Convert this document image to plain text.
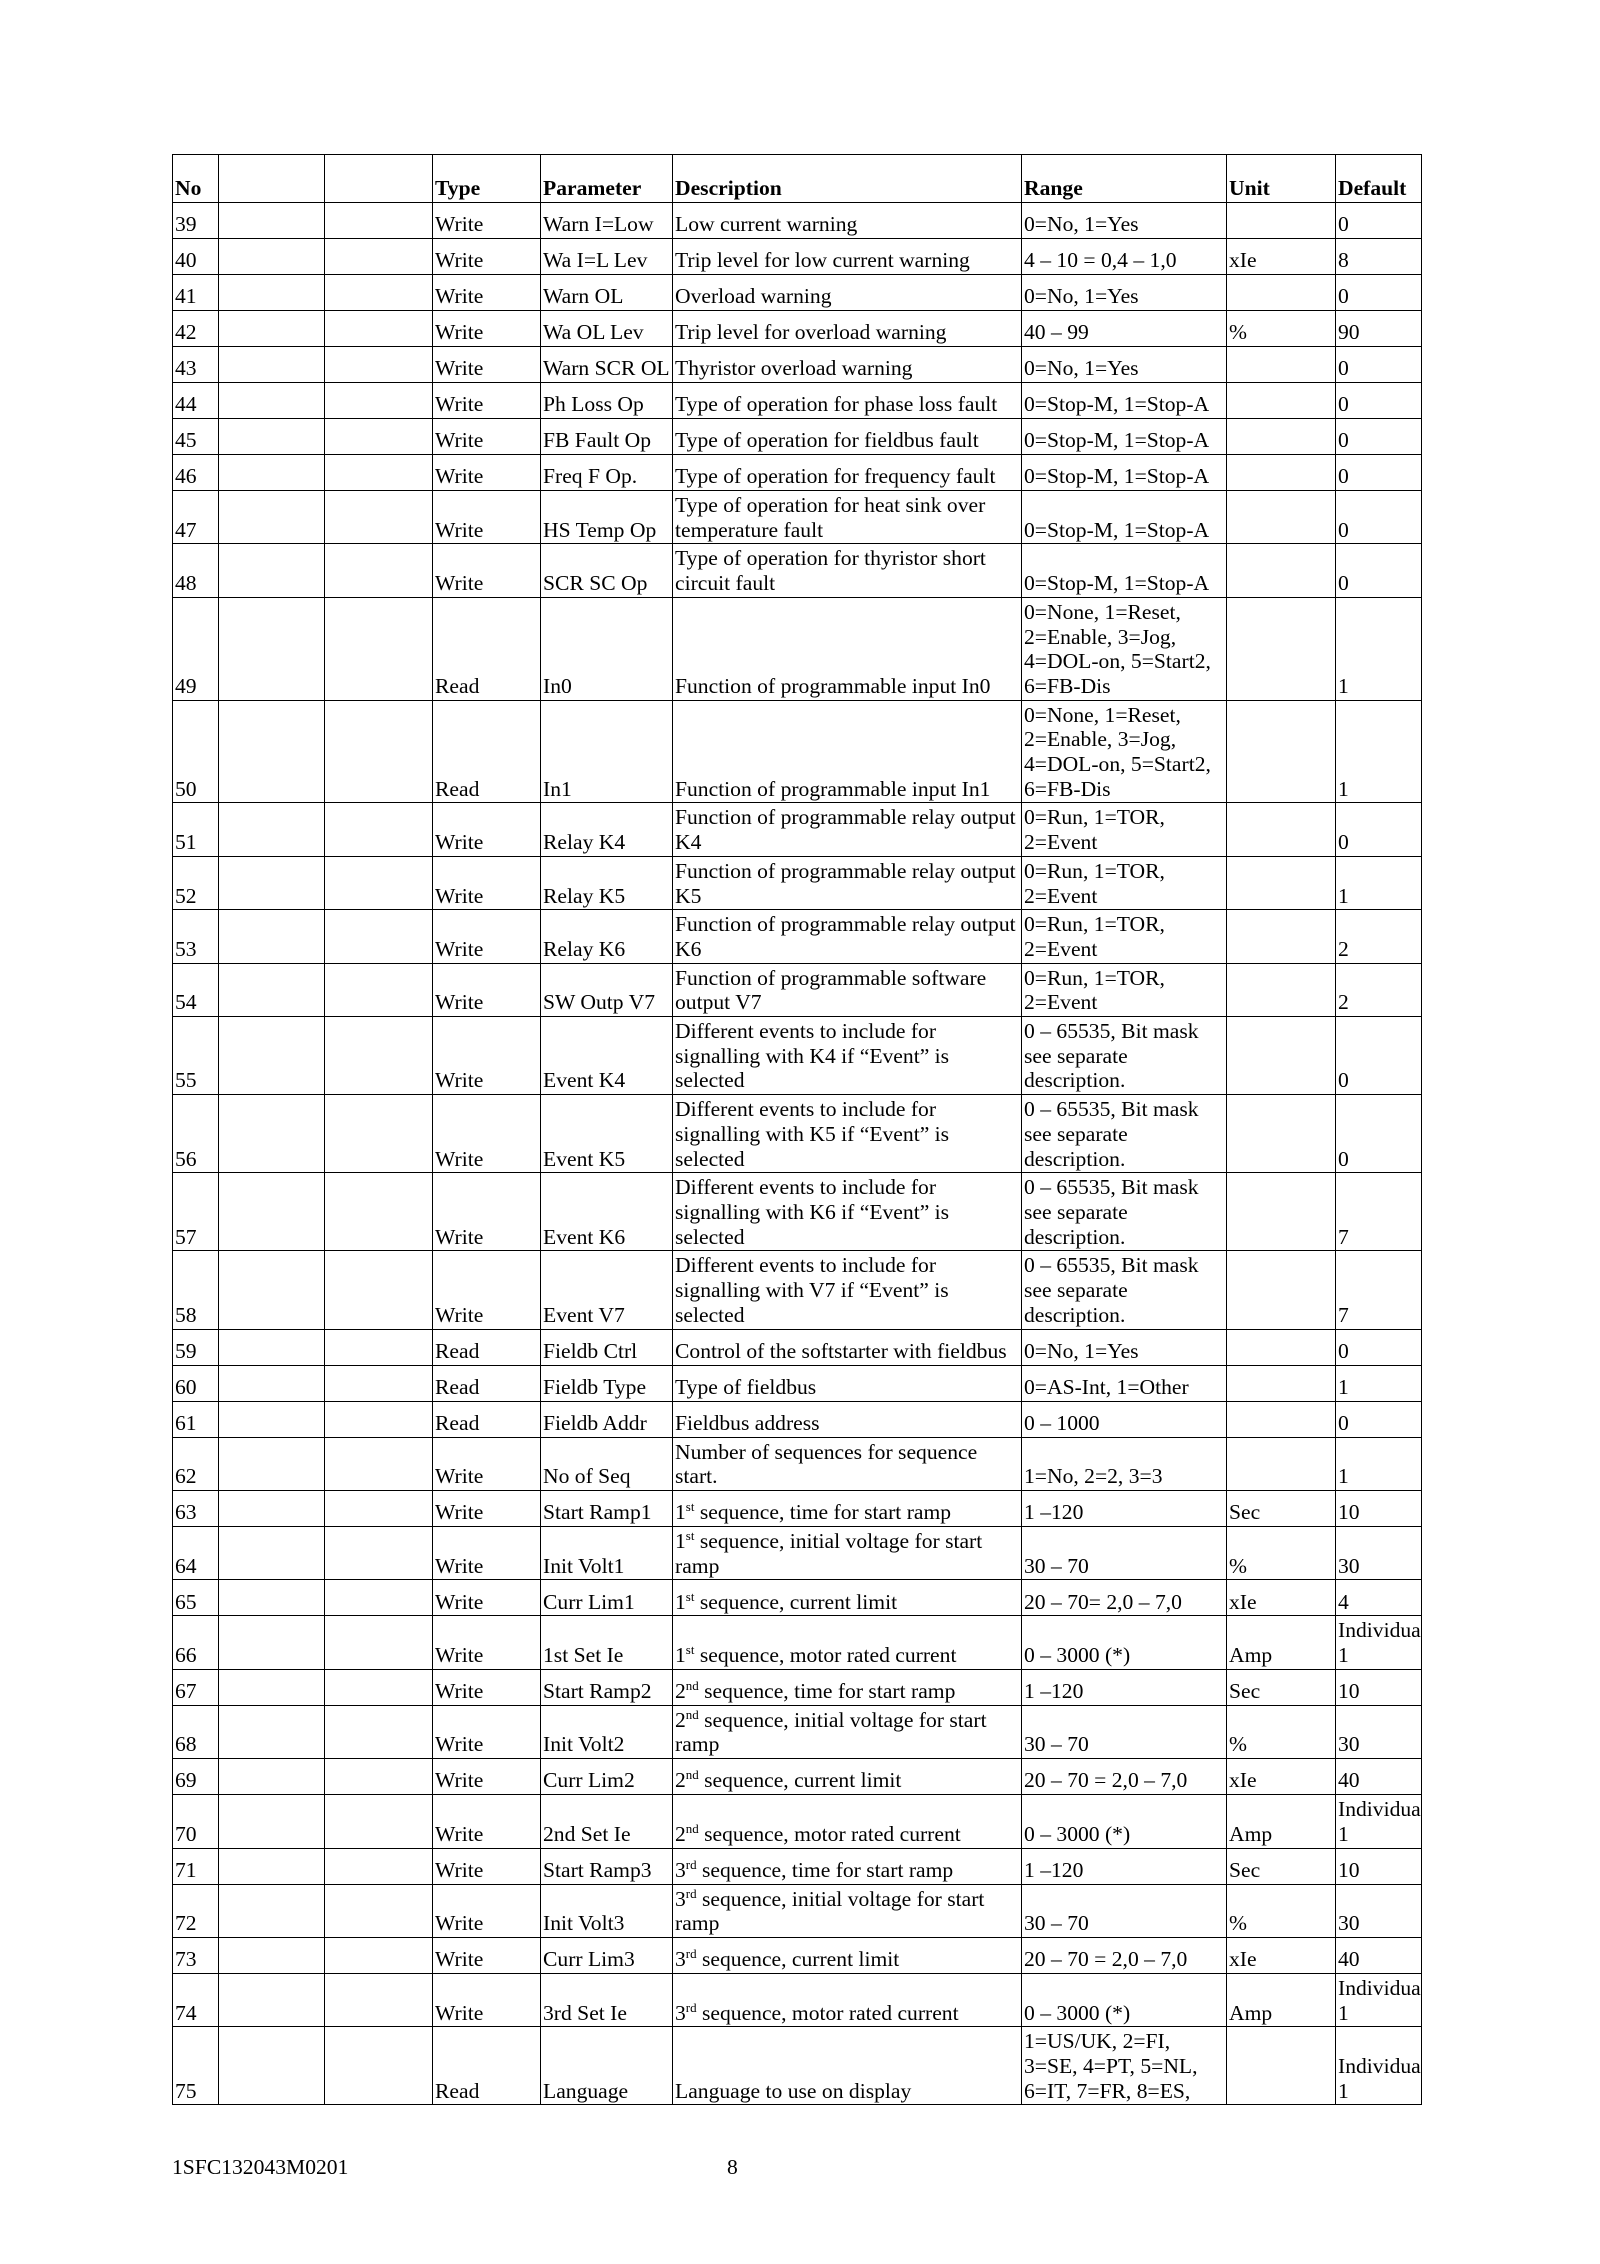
No			Type	Parameter	Description	Range	Unit	Default
39			Write	Warn I=Low	Low current warning	0=No, 1=Yes		0
40			Write	Wa I=L Lev	Trip level for low current warning	4 – 10 = 0,4 – 1,0	xIe	8
41			Write	Warn OL	Overload warning	0=No, 1=Yes		0
42			Write	Wa OL Lev	Trip level for overload warning	40 – 99	%	90
43			Write	Warn SCR OL	Thyristor overload warning	0=No, 1=Yes		0
44			Write	Ph Loss Op	Type of operation for phase loss fault	0=Stop-M, 1=Stop-A		0
45			Write	FB Fault Op	Type of operation for fieldbus fault	0=Stop-M, 1=Stop-A		0
46			Write	Freq F Op.	Type of operation for frequency fault	0=Stop-M, 1=Stop-A		0
47			Write	HS Temp Op	Type of operation for heat sink over
temperature fault	0=Stop-M, 1=Stop-A		0
48			Write	SCR SC Op	Type of operation for thyristor short
circuit fault	0=Stop-M, 1=Stop-A		0
49			Read	In0	Function of programmable input In0	0=None, 1=Reset,
2=Enable, 3=Jog,
4=DOL-on, 5=Start2,
6=FB-Dis		1
50			Read	In1	Function of programmable input In1	0=None, 1=Reset,
2=Enable, 3=Jog,
4=DOL-on, 5=Start2,
6=FB-Dis		1
51			Write	Relay K4	Function of programmable relay output
K4	0=Run, 1=TOR,
2=Event		0
52			Write	Relay K5	Function of programmable relay output
K5	0=Run, 1=TOR,
2=Event		1
53			Write	Relay K6	Function of programmable relay output
K6	0=Run, 1=TOR,
2=Event		2
54			Write	SW Outp V7	Function of programmable software
output V7	0=Run, 1=TOR,
2=Event		2
55			Write	Event K4	Different events to include for
signalling with K4 if “Event” is
selected	0 – 65535, Bit mask
see separate
description.		0
56			Write	Event K5	Different events to include for
signalling with K5 if “Event” is
selected	0 – 65535, Bit mask
see separate
description.		0
57			Write	Event K6	Different events to include for
signalling with K6 if “Event” is
selected	0 – 65535, Bit mask
see separate
description.		7
58			Write	Event V7	Different events to include for
signalling with V7 if “Event” is
selected	0 – 65535, Bit mask
see separate
description.		7
59			Read	Fieldb Ctrl	Control of the softstarter with fieldbus	0=No, 1=Yes		0
60			Read	Fieldb Type	Type of fieldbus	0=AS-Int, 1=Other		1
61			Read	Fieldb Addr	Fieldbus address	0 – 1000		0
62			Write	No of Seq	Number of sequences for sequence
start.	1=No, 2=2, 3=3		1
63			Write	Start Ramp1	1st sequence, time for start ramp	1 –120	Sec	10
64			Write	Init Volt1	1st sequence, initial voltage for start
ramp	30 – 70	%	30
65			Write	Curr Lim1	1st sequence, current limit	20 – 70= 2,0 – 7,0	xIe	4
66			Write	1st Set Ie	1st sequence, motor rated current	0 – 3000 (*)	Amp	Individua
1
67			Write	Start Ramp2	2nd sequence, time for start ramp	1 –120	Sec	10
68			Write	Init Volt2	2nd sequence, initial voltage for start
ramp	30 – 70	%	30
69			Write	Curr Lim2	2nd sequence, current limit	20 – 70 = 2,0 – 7,0	xIe	40
70			Write	2nd Set Ie	2nd sequence, motor rated current	0 – 3000 (*)	Amp	Individua
1
71			Write	Start Ramp3	3rd sequence, time for start ramp	1 –120	Sec	10
72			Write	Init Volt3	3rd sequence, initial voltage for start
ramp	30 – 70	%	30
73			Write	Curr Lim3	3rd sequence, current limit	20 – 70 = 2,0 – 7,0	xIe	40
74			Write	3rd Set Ie	3rd sequence, motor rated current	0 – 3000 (*)	Amp	Individua
1
75			Read	Language	Language to use on display	1=US/UK, 2=FI,
3=SE, 4=PT, 5=NL,
6=IT, 7=FR, 8=ES,		Individua
1
1SFC132043M0201	8
